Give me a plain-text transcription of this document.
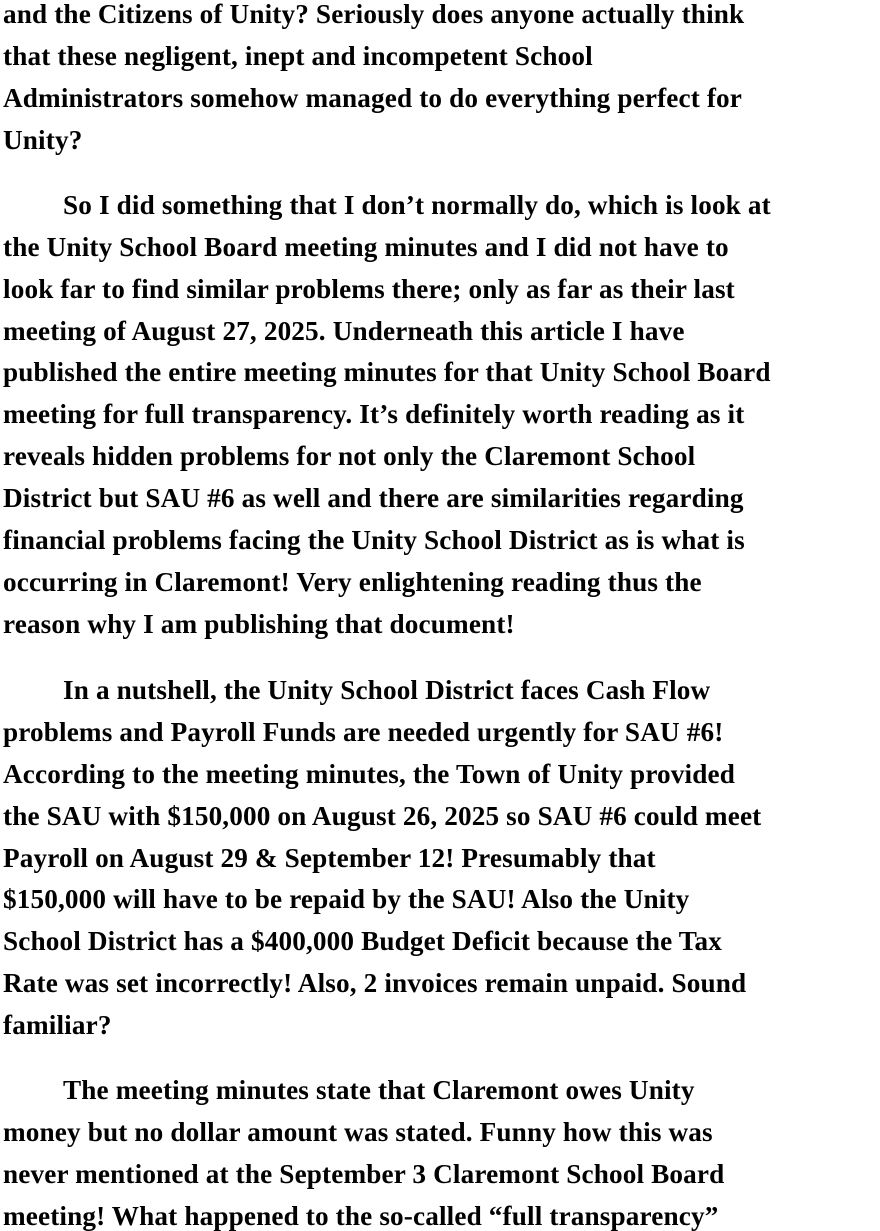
and the Citizens of Unity? Seriously does anyone actually think
that these negligent, inept and incompetent School
Administrators somehow managed to do everything perfect for
Unity?
So I did something that I don’t normally do, which is look at
the Unity School Board meeting minutes and I did not have to
look far to find similar problems there; only as far as their last
meeting of August 27, 2025. Underneath this article I have
published the entire meeting minutes for that Unity School Board
meeting for full transparency. It’s definitely worth reading as it
reveals hidden problems for not only the Claremont School
District but SAU #6 as well and there are similarities regarding
financial problems facing the Unity School District as is what is
occurring in Claremont! Very enlightening reading thus the
reason why I am publishing that document!
In a nutshell, the Unity School District faces Cash Flow
problems and Payroll Funds are needed urgently for SAU #6!
According to the meeting minutes, the Town of Unity provided
the SAU with $150,000 on August 26, 2025 so SAU #6 could meet
Payroll on August 29 & September 12! Presumably that
$150,000 will have to be repaid by the SAU! Also the Unity
School District has a $400,000 Budget Deficit because the Tax
Rate was set incorrectly! Also, 2 invoices remain unpaid. Sound
familiar?
The meeting minutes state that Claremont owes Unity
money but no dollar amount was stated. Funny how this was
never mentioned at the September 3 Claremont School Board
meeting! What happened to the so-called “full transparency”
